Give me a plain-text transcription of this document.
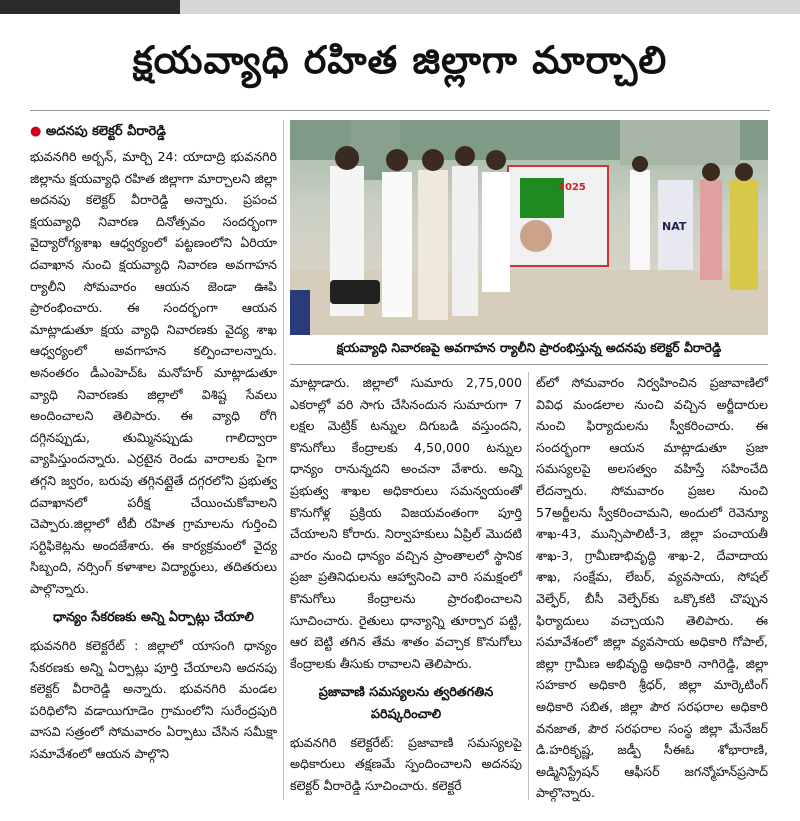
క్షయవ్యాధి రహిత జిల్లాగా మార్చాలి
● అదనపు కలెక్టర్ వీరారెడ్డి

భువనగిరి అర్బన్, మార్చి 24: యాదాద్రి భువనగిరి జిల్లాను క్షయవ్యాధి రహిత జిల్లాగా మార్చాలని జిల్లా అదనపు కలెక్టర్ వీరారెడ్డి అన్నారు. ప్రపంచ క్షయవ్యాధి నివారణ దినోత్సవం సందర్భంగా వైద్యారోగ్యశాఖ ఆధ్వర్యంలో పట్టణంలోని ఏరియా దవాఖాన నుంచి క్షయవ్యాధి నివారణ అవగాహన ర్యాలీని సోమవారం ఆయన జెండా ఊపి ప్రారంభించారు. ఈ సందర్భంగా ఆయన మాట్లాడుతూ క్షయ వ్యాధి నివారణకు వైద్య శాఖ ఆధ్వర్యంలో అవగాహన కల్పించాలన్నారు. అనంతరం డీఎంహెచ్ఓ మనోహర్ మాట్లాడుతూ వ్యాధి నివారణకు జిల్లాలో విశిష్ట సేవలు అందించాలని తెలిపారు. ఈ వ్యాధి రోగి దగ్గినప్పుడు, తుమ్మినప్పుడు గాలిద్వారా వ్యాపిస్తుందన్నారు. ఎర్రటైన రెండు వారాలకు పైగా తగ్గని జ్వరం, బరువు తగ్గినట్లైతే దగ్గరలోని ప్రభుత్వ దవాఖానలో పరీక్ష చేయించుకోవాలని చెప్పారు.జిల్లాలో టీబీ రహిత గ్రామాలను గుర్తించి సర్టిఫికెట్లను అందజేశారు. ఈ కార్యక్రమంలో వైద్య సిబ్బంది, నర్సింగ్ కళాశాల విద్యార్థులు, తదితరులు పాల్గొన్నారు.

ధాన్యం సేకరణకు అన్ని ఏర్పాట్లు చేయాలి

భువనగిరి కలెక్టరేట్ : జిల్లాలో యాసంగి ధాన్యం సేకరణకు అన్ని ఏర్పాట్లు పూర్తి చేయాలని అదనపు కలెక్టర్ వీరారెడ్డి అన్నారు. భువనగిరి మండల పరిధిలోని వడాయిగూడెం గ్రామంలోని సురేంద్రపురి వాసవి సత్రంలో సోమవారం ఏర్పాటు చేసిన సమీక్షా సమావేశంలో ఆయన పాల్గొని

2025
NAT
క్షయవ్యాధి నివారణపై అవగాహన ర్యాలీని ప్రారంభిస్తున్న అదనపు కలెక్టర్ వీరారెడ్డి

మాట్లాడారు. జిల్లాలో సుమారు 2,75,000 ఎకరాల్లో వరి సాగు చేసినందున సుమారుగా 7 లక్షల మెట్రిక్ టన్నుల దిగుబడి వస్తుందని, కొనుగోలు కేంద్రాలకు 4,50,000 టన్నుల ధాన్యం రానున్నదని అంచనా వేశారు. అన్ని ప్రభుత్వ శాఖల అధికారులు సమన్వయంతో కొనుగోళ్ల ప్రక్రియ విజయవంతంగా పూర్తి చేయాలని కోరారు. నిర్వాహకులు ఏప్రిల్ మొదటి వారం నుంచి ధాన్యం వచ్చిన ప్రాంతాలలో స్థానిక ప్రజా ప్రతినిధులను ఆహ్వానించి వారి సమక్షంలో కొనుగోలు కేంద్రాలను ప్రారంభించాలని సూచించారు. రైతులు ధాన్యాన్ని తూర్పార పట్టి, ఆర బెట్టి తగిన తేమ శాతం వచ్చాక కొనుగోలు కేంద్రాలకు తీసుకు రావాలని తెలిపారు.

ప్రజావాణి సమస్యలను త్వరితగతిన పరిష్కరించాలి

భువనగిరి కలెక్టరేట్: ప్రజావాణి సమస్యలపై అధికారులు తక్షణమే స్పందించాలని అదనపు కలెక్టర్ వీరారెడ్డి సూచించారు. కలెక్టరే

ట్‌లో సోమవారం నిర్వహించిన ప్రజావాణిలో వివిధ మండలాల నుంచి వచ్చిన అర్జీదారుల నుంచి ఫిర్యాదులను స్వీకరించారు. ఈ సందర్భంగా ఆయన మాట్లాడుతూ ప్రజా సమస్యలపై అలసత్వం వహిస్తే సహించేది లేదన్నారు. సోమవారం ప్రజల నుంచి 57అర్జీలను స్వీకరించామని, అందులో రెవెన్యూ శాఖ-43, మున్సిపాలిటీ-3, జిల్లా పంచాయతీ శాఖ-3, గ్రామీణాభివృద్ధి శాఖ-2, దేవాదాయ శాఖ, సంక్షేమ, లేబర్, వ్యవసాయ, సోషల్ వెల్ఫేర్, బీసీ వెల్ఫేర్‌కు ఒక్కొకటి చొప్పున ఫిర్యాదులు వచ్చాయని తెలిపారు. ఈ సమావేశంలో జిల్లా వ్యవసాయ అధికారి గోపాల్, జిల్లా గ్రామీణ అభివృద్ధి అధికారి నాగిరెడ్డి, జిల్లా సహకార అధికారి శ్రీధర్, జిల్లా మార్కెటింగ్ అధికారి సబిత, జిల్లా పౌర సరఫరాల అధికారి వనజాత, పౌర సరఫరాల సంస్థ జిల్లా మేనేజర్ డి.హరికృష్ణ, జడ్పీ సీఈఓ శోభారాణి, అడ్మినిస్ట్రేషన్ ఆఫీసర్ జగన్మోహన్‌ప్రసాద్ పాల్గొన్నారు.
